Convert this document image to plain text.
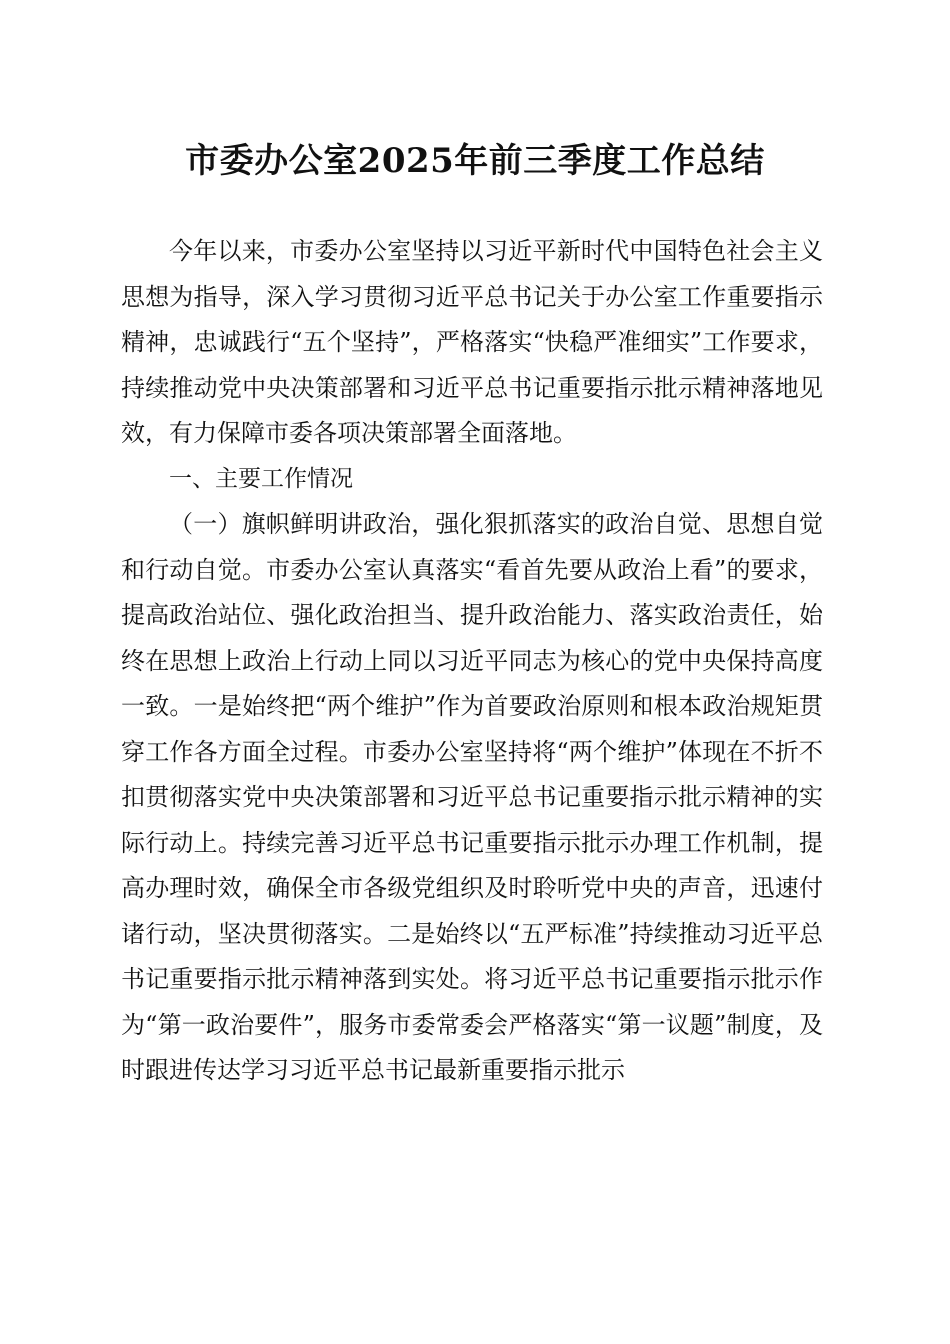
市委办公室2025年前三季度工作总结

今年以来，市委办公室坚持以习近平新时代中国特色社会主义思想为指导，深入学习贯彻习近平总书记关于办公室工作重要指示精神，忠诚践行“五个坚持”，严格落实“快稳严准细实”工作要求，持续推动党中央决策部署和习近平总书记重要指示批示精神落地见效，有力保障市委各项决策部署全面落地。

一、主要工作情况

（一）旗帜鲜明讲政治，强化狠抓落实的政治自觉、思想自觉和行动自觉。市委办公室认真落实“看首先要从政治上看”的要求，提高政治站位、强化政治担当、提升政治能力、落实政治责任，始终在思想上政治上行动上同以习近平同志为核心的党中央保持高度一致。一是始终把“两个维护”作为首要政治原则和根本政治规矩贯穿工作各方面全过程。市委办公室坚持将“两个维护”体现在不折不扣贯彻落实党中央决策部署和习近平总书记重要指示批示精神的实际行动上。持续完善习近平总书记重要指示批示办理工作机制，提高办理时效，确保全市各级党组织及时聆听党中央的声音，迅速付诸行动，坚决贯彻落实。二是始终以“五严标准”持续推动习近平总书记重要指示批示精神落到实处。将习近平总书记重要指示批示作为“第一政治要件”，服务市委常委会严格落实“第一议题”制度，及时跟进传达学习习近平总书记最新重要指示批示
